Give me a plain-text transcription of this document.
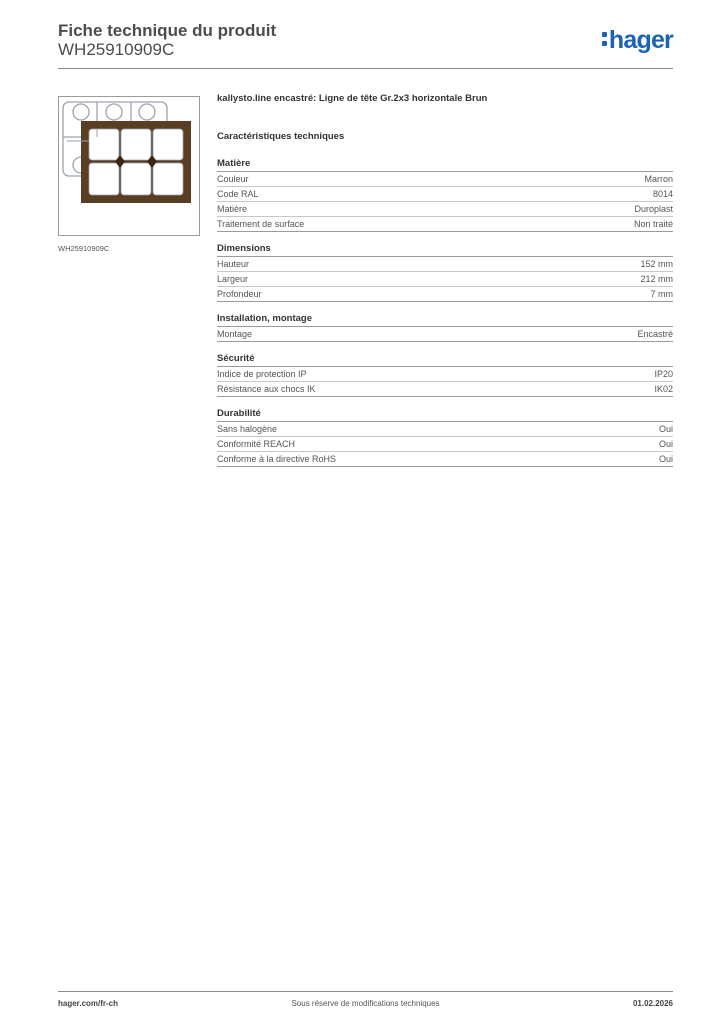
Fiche technique du produit
WH25910909C	hager
WH25910909C
kallysto.line encastré: Ligne de tête Gr.2x3 horizontale Brun
Caractéristiques techniques
Matière
Couleur	Marron
Code RAL	8014
Matière	Duroplast
Traitement de surface	Non traité
Dimensions
Hauteur	152 mm
Largeur	212 mm
Profondeur	7 mm
Installation, montage
Montage	Encastré
Sécurité
Indice de protection IP	IP20
Résistance aux chocs IK	IK02
Durabilité
Sans halogène	Oui
Conformité REACH	Oui
Conforme à la directive RoHS	Oui
hager.com/fr-ch	Sous réserve de modifications techniques	01.02.2026
